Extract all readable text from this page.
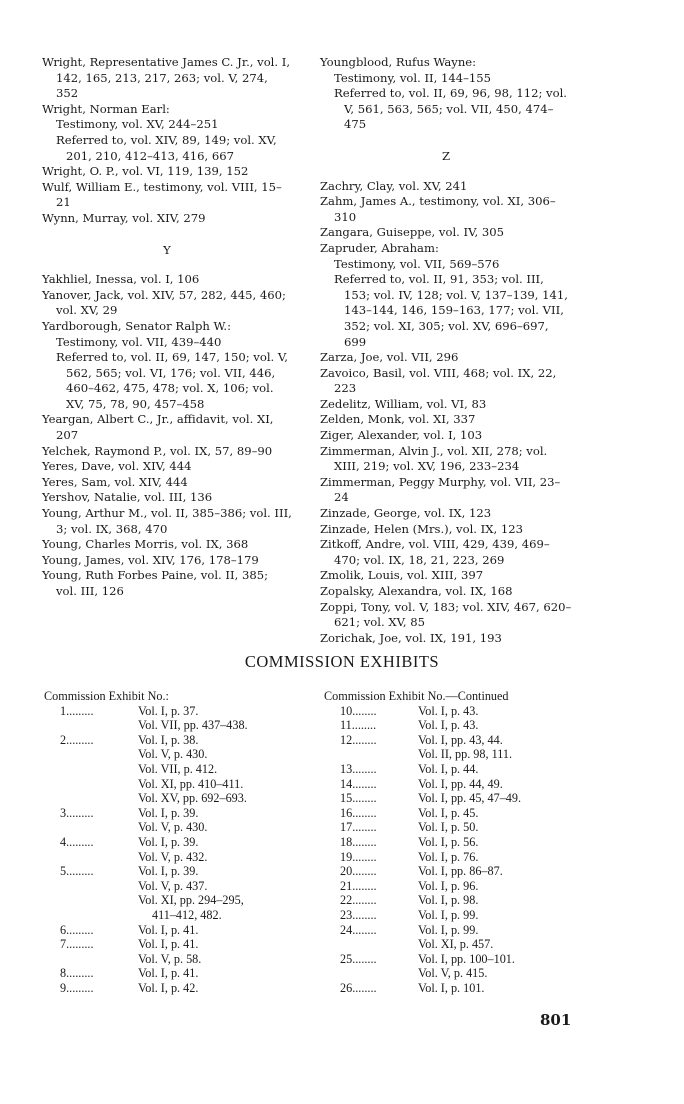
Wright, Representative James C. Jr., vol. I, 142, 165, 213, 217, 263; vol. V, 274, 352

Wright, Norman Earl:

Testimony, vol. XV, 244–251

Referred to, vol. XIV, 89, 149; vol. XV, 201, 210, 412–413, 416, 667

Wright, O. P., vol. VI, 119, 139, 152

Wulf, William E., testimony, vol. VIII, 15–21

Wynn, Murray, vol. XIV, 279

Y

Yakhliel, Inessa, vol. I, 106

Yanover, Jack, vol. XIV, 57, 282, 445, 460; vol. XV, 29

Yardborough, Senator Ralph W.:

Testimony, vol. VII, 439–440

Referred to, vol. II, 69, 147, 150; vol. V, 562, 565; vol. VI, 176; vol. VII, 446, 460–462, 475, 478; vol. X, 106; vol. XV, 75, 78, 90, 457–458

Yeargan, Albert C., Jr., affidavit, vol. XI, 207

Yelchek, Raymond P., vol. IX, 57, 89–90

Yeres, Dave, vol. XIV, 444

Yeres, Sam, vol. XIV, 444

Yershov, Natalie, vol. III, 136

Young, Arthur M., vol. II, 385–386; vol. III, 3; vol. IX, 368, 470

Young, Charles Morris, vol. IX, 368

Young, James, vol. XIV, 176, 178–179

Young, Ruth Forbes Paine, vol. II, 385; vol. III, 126

Youngblood, Rufus Wayne:

Testimony, vol. II, 144–155

Referred to, vol. II, 69, 96, 98, 112; vol. V, 561, 563, 565; vol. VII, 450, 474–475

Z

Zachry, Clay, vol. XV, 241

Zahm, James A., testimony, vol. XI, 306–310

Zangara, Guiseppe, vol. IV, 305

Zapruder, Abraham:

Testimony, vol. VII, 569–576

Referred to, vol. II, 91, 353; vol. III, 153; vol. IV, 128; vol. V, 137–139, 141, 143–144, 146, 159–163, 177; vol. VII, 352; vol. XI, 305; vol. XV, 696–697, 699

Zarza, Joe, vol. VII, 296

Zavoico, Basil, vol. VIII, 468; vol. IX, 22, 223

Zedelitz, William, vol. VI, 83

Zelden, Monk, vol. XI, 337

Ziger, Alexander, vol. I, 103

Zimmerman, Alvin J., vol. XII, 278; vol. XIII, 219; vol. XV, 196, 233–234

Zimmerman, Peggy Murphy, vol. VII, 23–24

Zinzade, George, vol. IX, 123

Zinzade, Helen (Mrs.), vol. IX, 123

Zitkoff, Andre, vol. VIII, 429, 439, 469–470; vol. IX, 18, 21, 223, 269

Zmolik, Louis, vol. XIII, 397

Zopalsky, Alexandra, vol. IX, 168

Zoppi, Tony, vol. V, 183; vol. XIV, 467, 620–621; vol. XV, 85

Zorichak, Joe, vol. IX, 191, 193

COMMISSION EXHIBITS

Commission Exhibit No.:

1.........	Vol. I, p. 37.
Vol. VII, pp. 437–438.
2.........	Vol. I, p. 38.
Vol. V, p. 430.
Vol. VII, p. 412.
Vol. XI, pp. 410–411.
Vol. XV, pp. 692–693.
3.........	Vol. I, p. 39.
Vol. V, p. 430.
4.........	Vol. I, p. 39.
Vol. V, p. 432.
5.........	Vol. I, p. 39.
Vol. V, p. 437.
Vol. XI, pp. 294–295,
411–412, 482.
6.........	Vol. I, p. 41.
7.........	Vol. I, p. 41.
Vol. V, p. 58.
8.........	Vol. I, p. 41.
9.........	Vol. I, p. 42.

Commission Exhibit No.—Continued

10........	Vol. I, p. 43.
11........	Vol. I, p. 43.
12........	Vol. I, pp. 43, 44.
Vol. II, pp. 98, 111.
13........	Vol. I, p. 44.
14........	Vol. I, pp. 44, 49.
15........	Vol. I, pp. 45, 47–49.
16........	Vol. I, p. 45.
17........	Vol. I, p. 50.
18........	Vol. I, p. 56.
19........	Vol. I, p. 76.
20........	Vol. I, pp. 86–87.
21........	Vol. I, p. 96.
22........	Vol. I, p. 98.
23........	Vol. I, p. 99.
24........	Vol. I, p. 99.
Vol. XI, p. 457.
25........	Vol. I, pp. 100–101.
Vol. V, p. 415.
26........	Vol. I, p. 101.
801
